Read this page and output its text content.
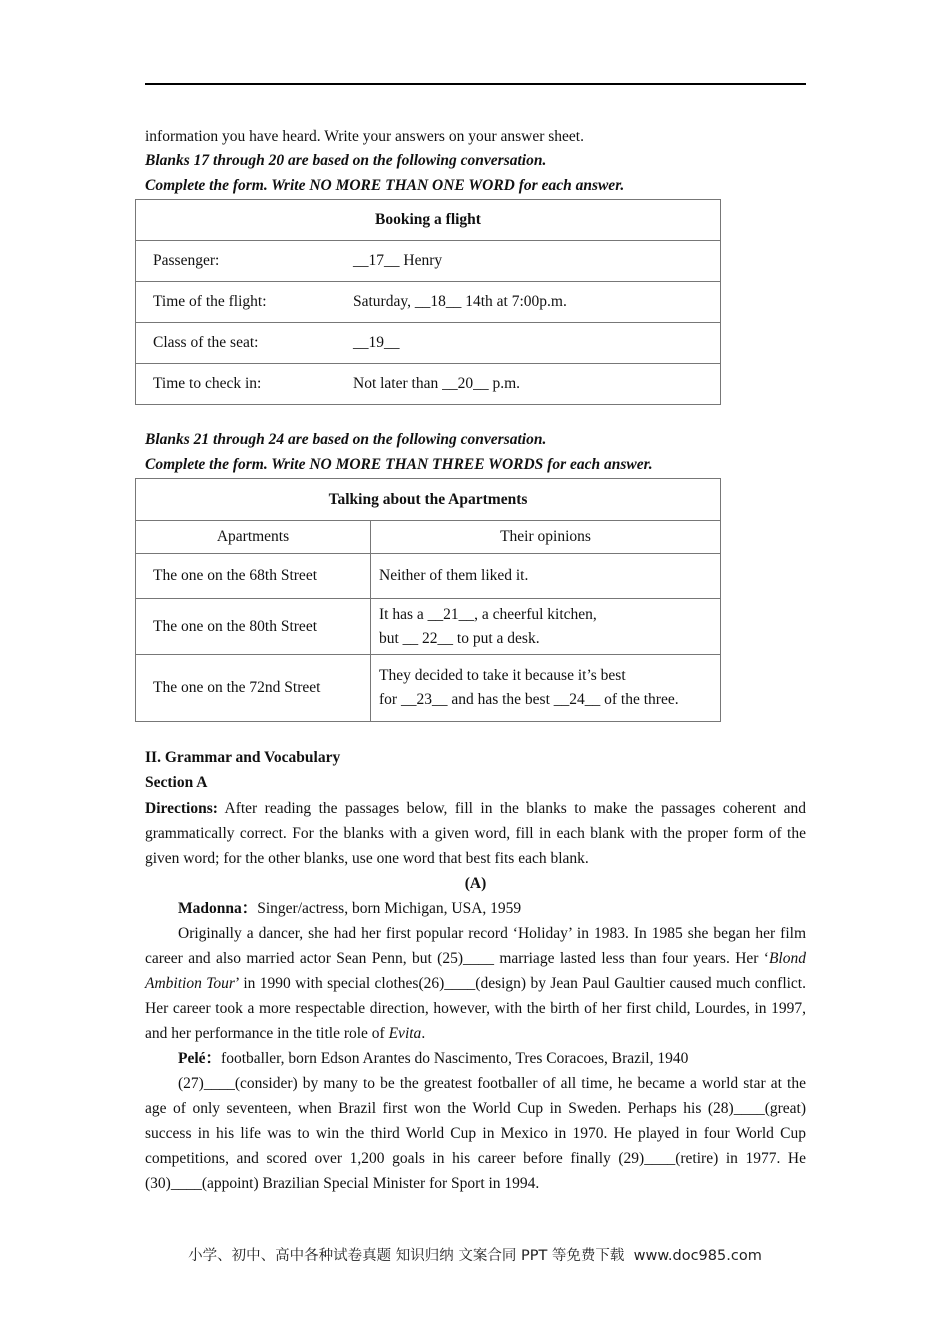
information you have heard. Write your answers on your answer sheet.
Blanks 17 through 20 are based on the following conversation.
Complete the form. Write NO MORE THAN ONE WORD for each answer.
Booking a flight	
Passenger:	__17__ Henry
Time of the flight:	Saturday, __18__ 14th at 7:00p.m.
Class of the seat:	__19__
Time to check in:	Not later than __20__ p.m.
Blanks 21 through 24 are based on the following conversation.
Complete the form. Write NO MORE THAN THREE WORDS for each answer.
Talking about the Apartments	
Apartments	Their opinions
The one on the 68th Street	Neither of them liked it.

The one on the 80th Street	It has a __21__, a cheerful kitchen,
but __ 22__ to put a desk.

The one on the 72nd Street	They decided to take it because it’s best
for __23__ and has the best __24__ of the three.
II. Grammar and Vocabulary
Section A

Directions: After reading the passages below, fill in the blanks to make the passages coherent and grammatically correct. For the blanks with a given word, fill in each blank with the proper form of the given word; for the other blanks, use one word that best fits each blank.

(A)

Madonna：Singer/actress, born Michigan, USA, 1959

Originally a dancer, she had her first popular record ‘Holiday’ in 1983. In 1985 she began her film career and also married actor Sean Penn, but (25)____ marriage lasted less than four years. Her ‘Blond Ambition Tour’ in 1990 with special clothes(26)____(design) by Jean Paul Gaultier caused much conflict. Her career took a more respectable direction, however, with the birth of her first child, Lourdes, in 1997, and her performance in the title role of Evita.

Pelé：footballer, born Edson Arantes do Nascimento, Tres Coracoes, Brazil, 1940

(27)____(consider) by many to be the greatest footballer of all time, he became a world star at the age of only seventeen, when Brazil first won the World Cup in Sweden. Perhaps his (28)____(great) success in his life was to win the third World Cup in Mexico in 1970. He played in four World Cup competitions, and scored over 1,200 goals in his career before finally (29)____(retire) in 1977. He (30)____(appoint) Brazilian Special Minister for Sport in 1994.

小学、初中、高中各种试卷真题 知识归纳 文案合同 PPT 等免费下载 www.doc985.com
